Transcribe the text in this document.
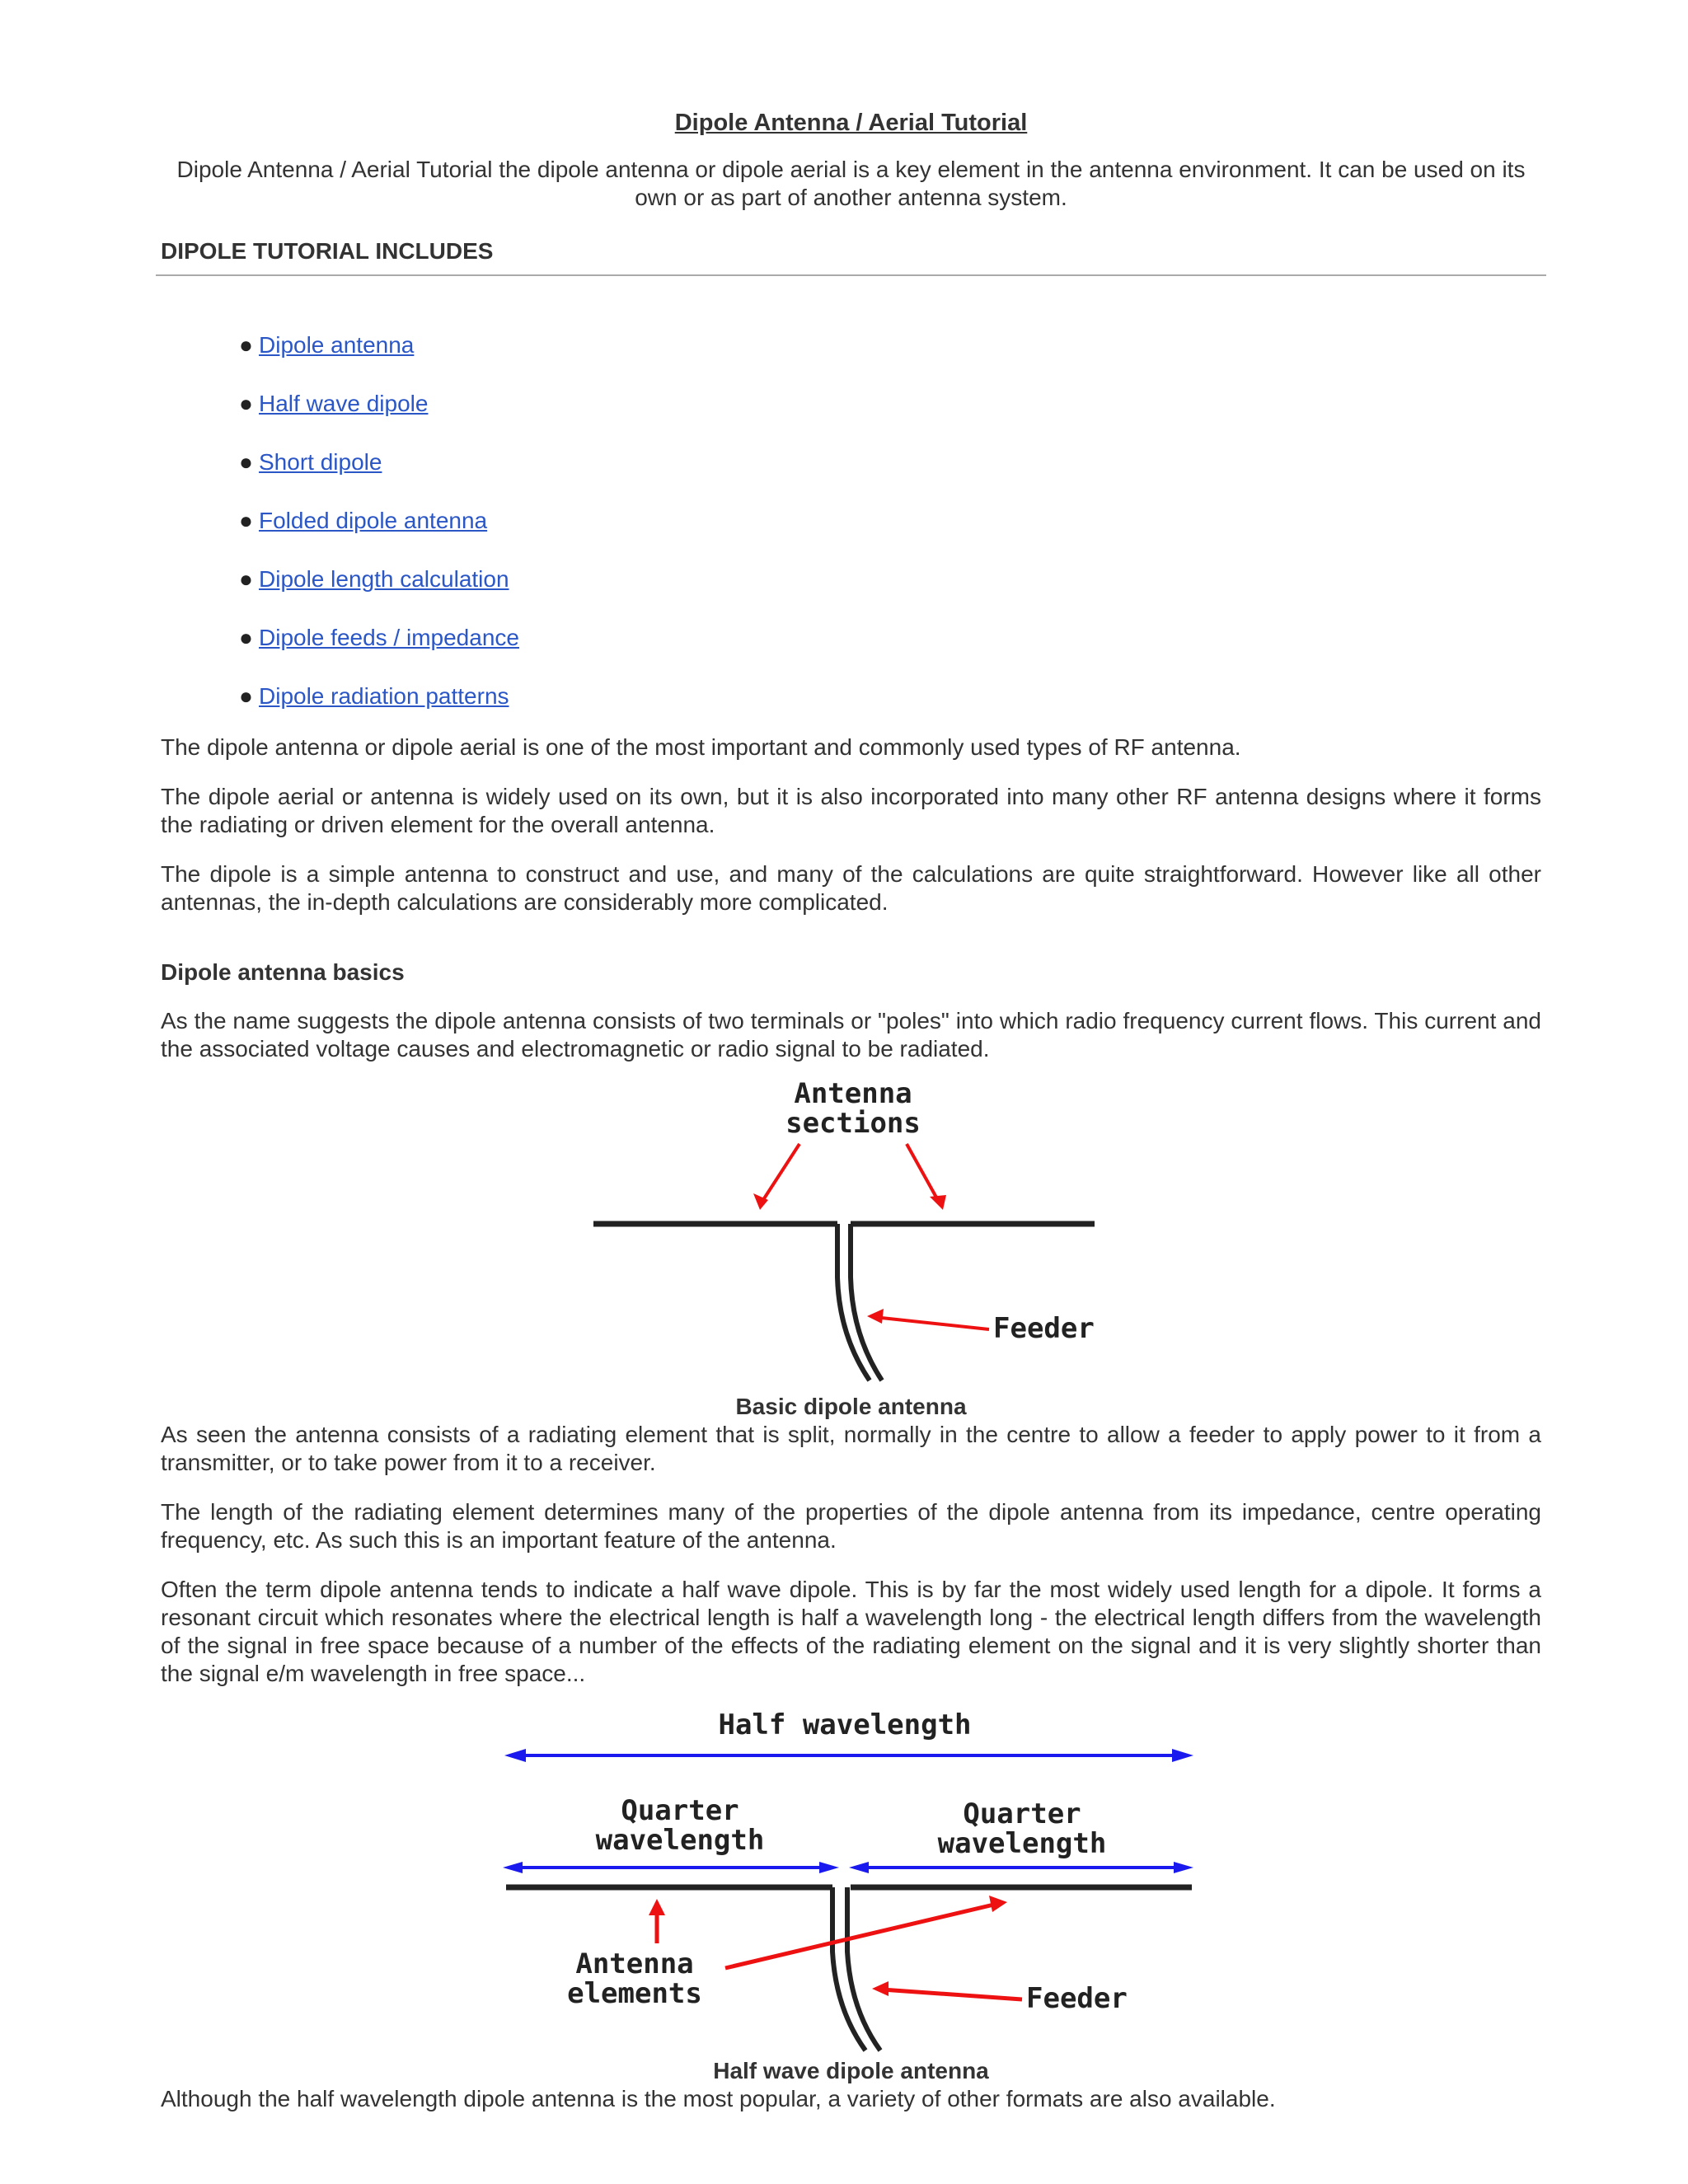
Dipole Antenna / Aerial Tutorial
Dipole Antenna / Aerial Tutorial the dipole antenna or dipole aerial is a key element in the antenna environment. It can be used on its own or as part of another antenna system.
DIPOLE TUTORIAL INCLUDES
● Dipole antenna
● Half wave dipole
● Short dipole
● Folded dipole antenna
● Dipole length calculation
● Dipole feeds / impedance
● Dipole radiation patterns

The dipole antenna or dipole aerial is one of the most important and commonly used types of RF antenna.

The dipole aerial or antenna is widely used on its own, but it is also incorporated into many other RF antenna designs where it forms the radiating or driven element for the overall antenna.

The dipole is a simple antenna to construct and use, and many of the calculations are quite straightforward. However like all other antennas, the in-depth calculations are considerably more complicated.

Dipole antenna basics

As the name suggests the dipole antenna consists of two terminals or "poles" into which radio frequency current flows. This current and the associated voltage causes and electromagnetic or radio signal to be radiated.

Antenna
sections
Feeder
Basic dipole antenna

As seen the antenna consists of a radiating element that is split, normally in the centre to allow a feeder to apply power to it from a transmitter, or to take power from it to a receiver.

The length of the radiating element determines many of the properties of the dipole antenna from its impedance, centre operating frequency, etc. As such this is an important feature of the antenna.

Often the term dipole antenna tends to indicate a half wave dipole. This is by far the most widely used length for a dipole. It forms a resonant circuit which resonates where the electrical length is half a wavelength long - the electrical length differs from the wavelength of the signal in free space because of a number of the effects of the radiating element on the signal and it is very slightly shorter than the signal e/m wavelength in free space...

Half wavelength
Quarter
wavelength
Quarter
wavelength
Antenna
elements	Feeder
Half wave dipole antenna

Although the half wavelength dipole antenna is the most popular, a variety of other formats are also available.
